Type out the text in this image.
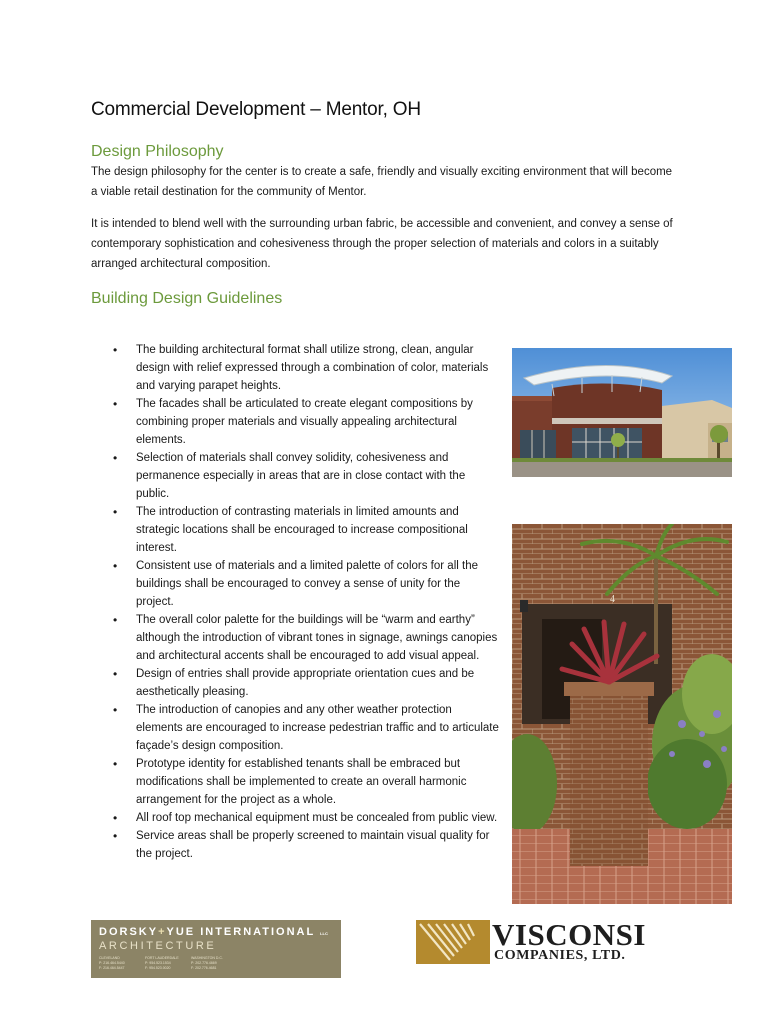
Commercial Development – Mentor, OH
Design Philosophy

The design philosophy for the center is to create a safe, friendly and visually exciting environment that will become a viable retail destination for the community of Mentor.

It is intended to blend well with the surrounding urban fabric, be accessible and convenient, and convey a sense of contemporary sophistication and cohesiveness through the proper selection of materials and colors in a suitably arranged architectural composition.

Building Design Guidelines
• The building architectural format shall utilize strong, clean, angular design with relief expressed through a combination of color, materials and varying parapet heights.
• The facades shall be articulated to create elegant compositions by combining proper materials and visually appealing architectural elements.
• Selection of materials shall convey solidity, cohesiveness and permanence especially in areas that are in close contact with the public.
• The introduction of contrasting materials in limited amounts and strategic locations shall be encouraged to increase compositional interest.
• Consistent use of materials and a limited palette of colors for all the buildings shall be encouraged to convey a sense of unity for the project.
• The overall color palette for the buildings will be “warm and earthy” although the introduction of vibrant tones in signage, awnings canopies and architectural accents shall be encouraged to add visual appeal.
• Design of entries shall provide appropriate orientation cues and be aesthetically pleasing.
• The introduction of canopies and any other weather protection elements are encouraged to increase pedestrian traffic and to articulate façade’s design composition.
• Prototype identity for established tenants shall be embraced but modifications shall be implemented to create an overall harmonic arrangement for the project as a whole.
• All roof top mechanical equipment must be concealed from public view.
• Service areas shall be properly screened to maintain visual quality for the project.
4
DORSKY+YUE INTERNATIONAL LLC
ARCHITECTURE
CLEVELAND
P: 216.464.5440
F: 216.464.5447
FORT LAUDERDALE
P: 954.523.1534
F: 954.523.0020
WASHINGTON D.C.
P: 202.776.4669
F: 202.776.4681
VISCONSI
COMPANIES, LTD.
